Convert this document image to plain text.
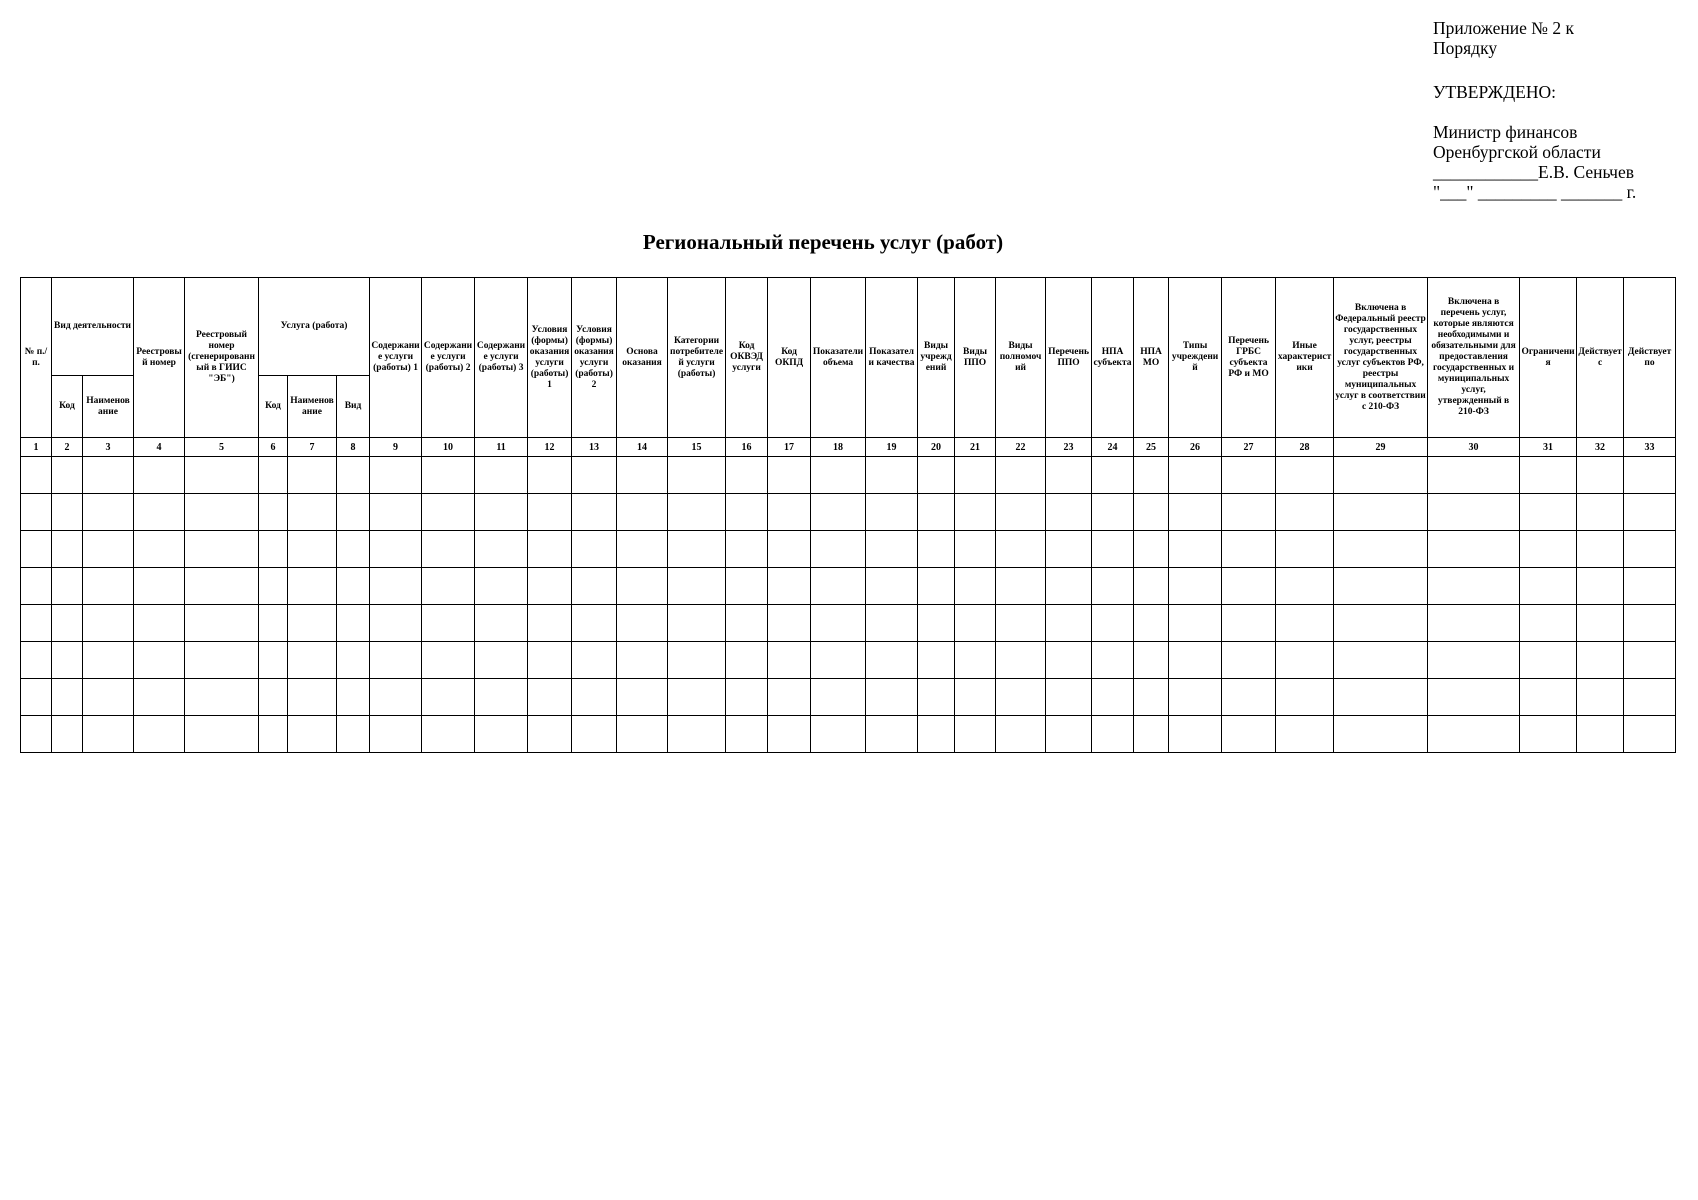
Приложение № 2 к
Порядку
УТВЕРЖДЕНО:
Министр финансов
Оренбургской области
____________Е.В. Сеньчев
"___" _________ _______ г.
Региональный перечень услуг (работ)
№ п./п.	Вид деятельности		Реестровый номер	Реестровый номер (сгенерированный в ГИИС "ЭБ")	Услуга (работа)			Содержание услуги (работы) 1	Содержание услуги (работы) 2	Содержание услуги (работы) 3	Условия (формы) оказания услуги (работы) 1	Условия (формы) оказания услуги (работы) 2	Основа оказания	Категории потребителей услуги (работы)	Код ОКВЭД услуги	Код ОКПД	Показатели объема	Показатели качества	Виды учреждений	Виды ППО	Виды полномочий	Перечень ППО	НПА субъекта	НПА МО	Типы учреждений	Перечень ГРБС субъекта РФ и МО	Иные характеристики	Включена в Федеральный реестр государственных услуг, реестры государственных услуг субъектов РФ, реестры муниципальных услуг в соответствии с 210-ФЗ	Включена в перечень услуг, которые являются необходимыми и обязательными для предоставления государственных и муниципальных услуг, утвержденный в 210-ФЗ	Ограничения	Действует с	Действует по
	Код	Наименование			Код	Наименование	Вид																									
1	2	3	4	5	6	7	8	9	10	11	12	13	14	15	16	17	18	19	20	21	22	23	24	25	26	27	28	29	30	31	32	33
